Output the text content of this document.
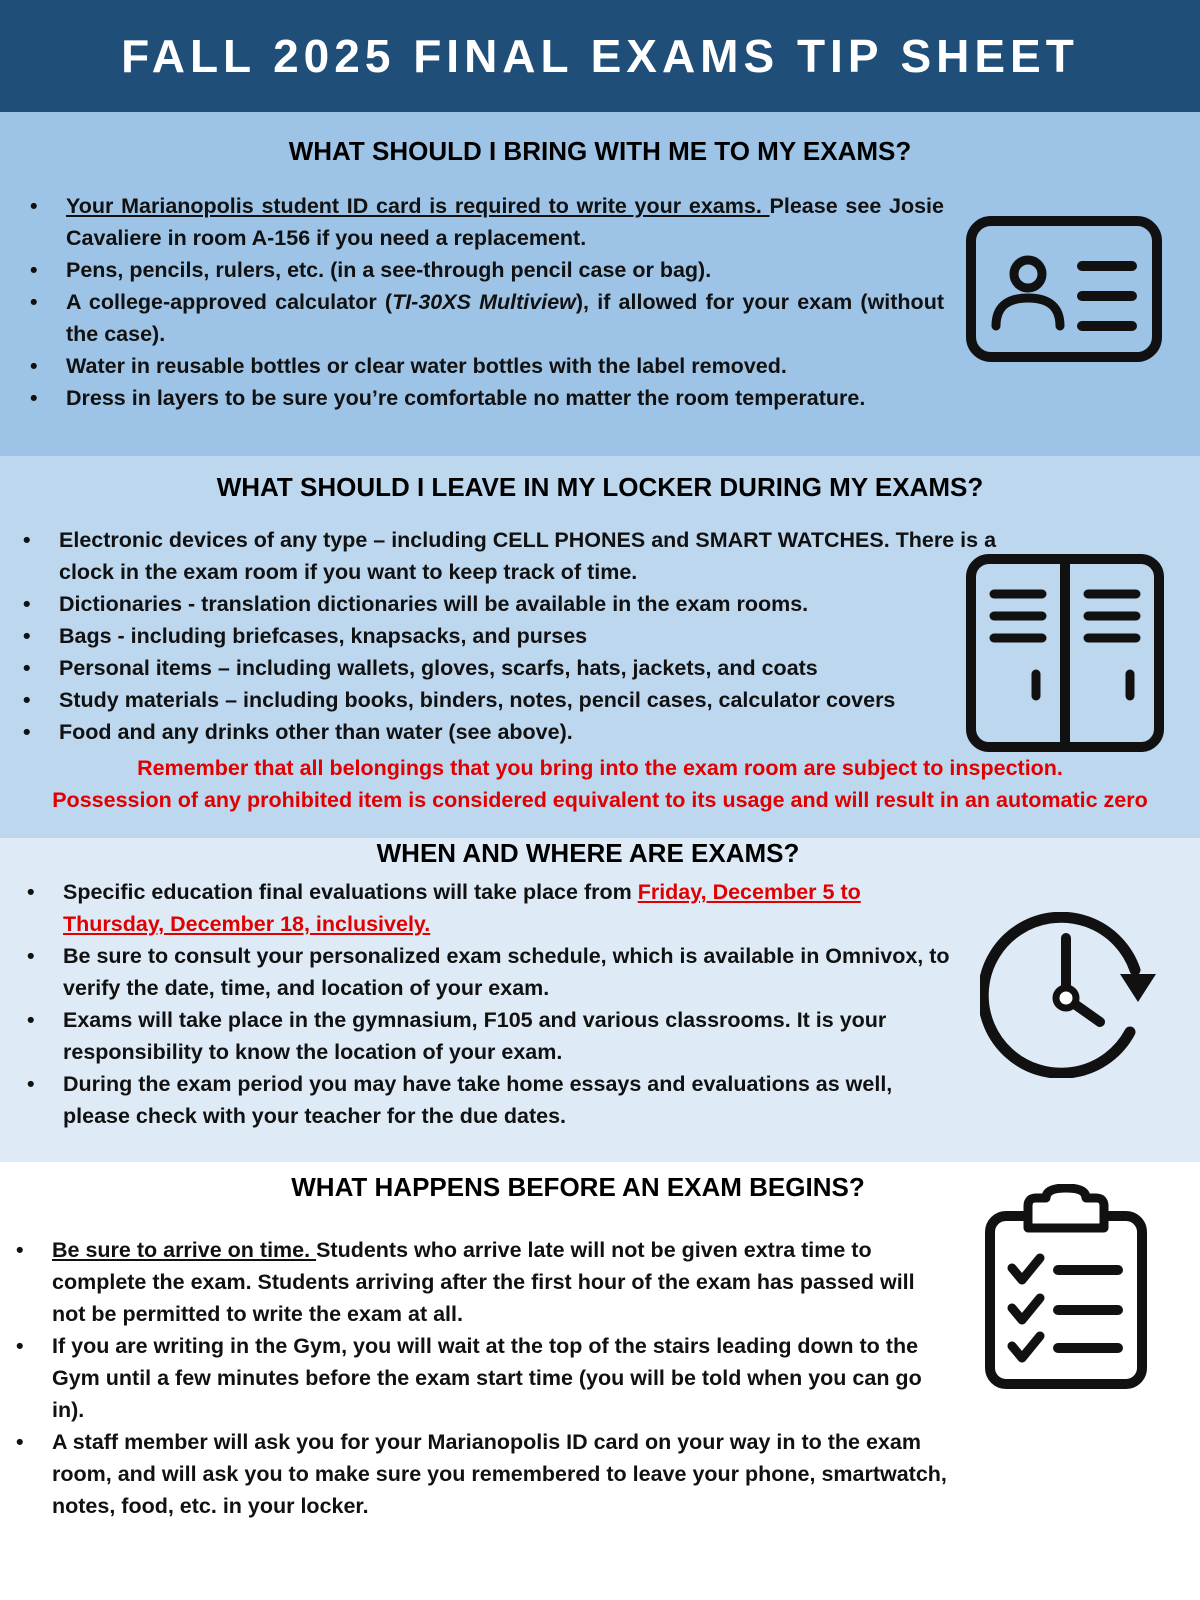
FALL 2025 FINAL EXAMS TIP SHEET
WHAT SHOULD I BRING WITH ME TO MY EXAMS?
• Your Marianopolis student ID card is required to write your exams. Please see Josie Cavaliere in room A-156 if you need a replacement.
• Pens, pencils, rulers, etc. (in a see-through pencil case or bag).
• A college-approved calculator (TI-30XS Multiview), if allowed for your exam (without the case).
• Water in reusable bottles or clear water bottles with the label removed.
• Dress in layers to be sure you’re comfortable no matter the room temperature.
WHAT SHOULD I LEAVE IN MY LOCKER DURING MY EXAMS?
• Electronic devices of any type – including CELL PHONES and SMART WATCHES. There is a clock in the exam room if you want to keep track of time.
• Dictionaries - translation dictionaries will be available in the exam rooms.
• Bags - including briefcases, knapsacks, and purses
• Personal items – including wallets, gloves, scarfs, hats, jackets, and coats
• Study materials – including books, binders, notes, pencil cases, calculator covers
• Food and any drinks other than water (see above).
Remember that all belongings that you bring into the exam room are subject to inspection.
Possession of any prohibited item is considered equivalent to its usage and will result in an automatic zero
WHEN AND WHERE ARE EXAMS?
• Specific education final evaluations will take place from Friday, December 5 to Thursday, December 18, inclusively.
• Be sure to consult your personalized exam schedule, which is available in Omnivox, to verify the date, time, and location of your exam.
• Exams will take place in the gymnasium, F105 and various classrooms. It is your responsibility to know the location of your exam.
• During the exam period you may have take home essays and evaluations as well, please check with your teacher for the due dates.
WHAT HAPPENS BEFORE AN EXAM BEGINS?
• Be sure to arrive on time. Students who arrive late will not be given extra time to complete the exam. Students arriving after the first hour of the exam has passed will not be permitted to write the exam at all.
• If you are writing in the Gym, you will wait at the top of the stairs leading down to the Gym until a few minutes before the exam start time (you will be told when you can go in).
• A staff member will ask you for your Marianopolis ID card on your way in to the exam room, and will ask you to make sure you remembered to leave your phone, smartwatch, notes, food, etc. in your locker.
